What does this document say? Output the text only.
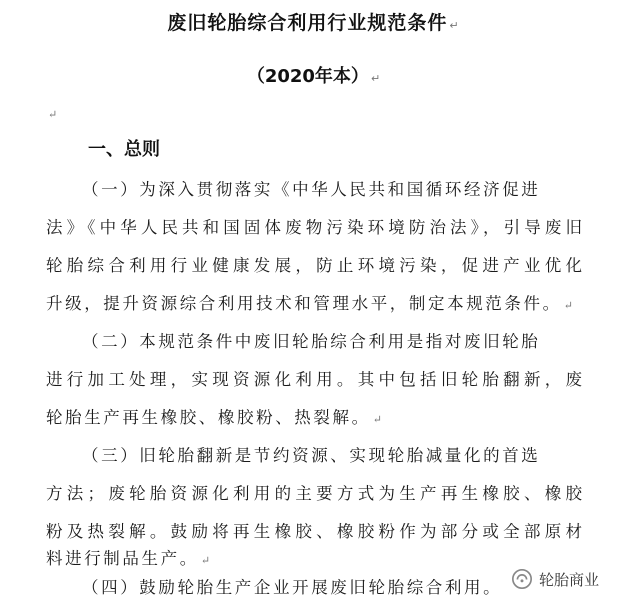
废旧轮胎综合利用行业规范条件 ↵
（2020年本） ↵
↵
一、总则
（一）为深入贯彻落实《中华人民共和国循环经济促进
法》《中华人民共和国固体废物污染环境防治法》，引导废旧
轮胎综合利用行业健康发展，防止环境污染，促进产业优化
升级，提升资源综合利用技术和管理水平，制定本规范条件。 ↵
（二）本规范条件中废旧轮胎综合利用是指对废旧轮胎
进行加工处理，实现资源化利用。其中包括旧轮胎翻新，废
轮胎生产再生橡胶、橡胶粉、热裂解。 ↵
（三）旧轮胎翻新是节约资源、实现轮胎减量化的首选
方法；废轮胎资源化利用的主要方式为生产再生橡胶、橡胶
粉及热裂解。鼓励将再生橡胶、橡胶粉作为部分或全部原材
料进行制品生产。 ↵
（四）鼓励轮胎生产企业开展废旧轮胎综合利用。 轮胎商业
